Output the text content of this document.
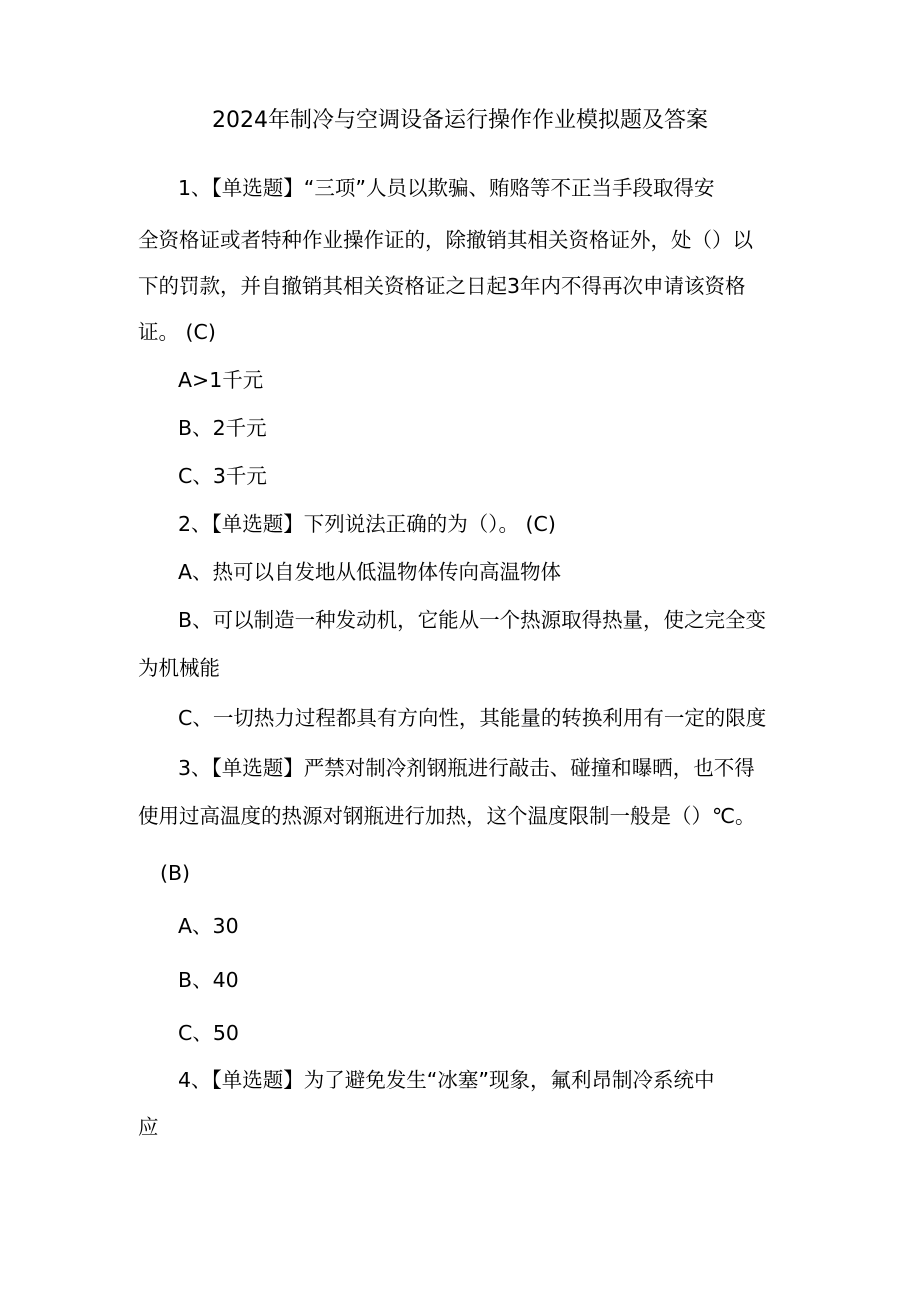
2024年制冷与空调设备运行操作作业模拟题及答案

1、【单选题】“三项”人员以欺骗、贿赂等不正当手段取得安

全资格证或者特种作业操作证的，除撤销其相关资格证外，处（）以

下的罚款，并自撤销其相关资格证之日起3年内不得再次申请该资格

证。 (C)

A>1千元

B、2千元

C、3千元

2、【单选题】下列说法正确的为（）。 (C)

A、热可以自发地从低温物体传向高温物体

B、可以制造一种发动机，它能从一个热源取得热量，使之完全变

为机械能

C、一切热力过程都具有方向性，其能量的转换利用有一定的限度

3、【单选题】严禁对制冷剂钢瓶进行敲击、碰撞和曝晒，也不得

使用过高温度的热源对钢瓶进行加热，这个温度限制一般是（）℃。

(B)

A、30

B、40

C、50

4、【单选题】为了避免发生“冰塞”现象，氟利昂制冷系统中

应
